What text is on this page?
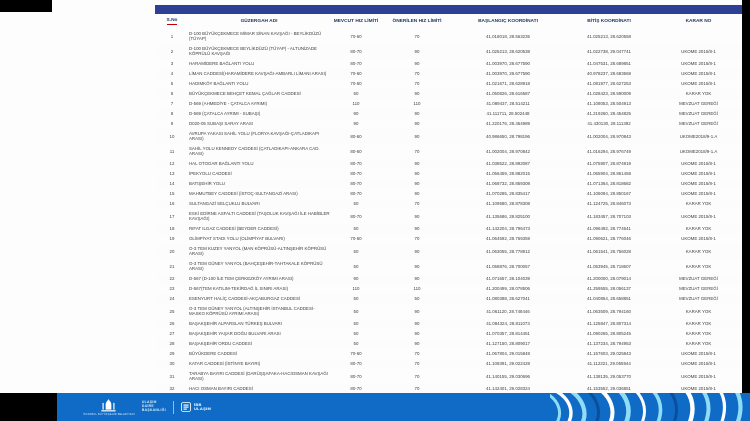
S.No	GÜZERGAH ADI	MEVCUT HIZ LİMİTİ	ÖNERİLEN HIZ LİMİTİ	BAŞLANGIÇ KOORDİNATI	BİTİŞ KOORDİNATI	KARAR NO
1	D-100 BÜYÜKÇEKMECE MİMAR SİNAN KAVŞAĞI - BEYLİKDÜZÜ (TÜYAP)	70-60	70	41.018018, 28.563235	41.025213, 28.620558	
2	D-100 BÜYÜKÇEKMECE BEYLİKDÜZÜ (TÜYAP) - ALTUNİZADE KÖPRÜLÜ KAVŞAĞI	80-70	90	41.025213, 28.620538	41.022738, 29.047741	UKOME 2015/8-1
3	HARAMİDERE BAĞLANTI YOLU	80-70	90	41.003970, 28.677590	41.047531, 28.689851	UKOME 2015/8-1
4	LİMAN CADDESİ(HARAMİDERE KAVŞAĞI-AMBARLI LİMANI ARASI)	70-60	70	41.003970, 28.677590	40.978237, 28.683568	UKOME 2015/8-1
5	HADIMKÖY BAĞLANTI YOLU	70-60	70	41.021671, 28.628918	41.081977, 28.627253	UKOME 2015/8-1
6	BÜYÜKÇEKMECE BEHÇET KEMAL ÇAĞLAR CADDESİ	50	90	41.050826, 28.616587	41.028423, 28.590009	KARAR YOK
7	D-569 (AHMEDİYE - ÇATALCA AYRIMI)	110	110	41.089437, 28.514211	41.108053, 28.504913	MEVZUAT GEREĞİ
8	D-569 (ÇATALCA AYRIMI - SUBAŞI)	90	90	41.111711, 28.502448	41.219260, 28.454825	MEVZUAT GEREĞİ
9	D020-05 SUBAŞI SARAY ARASI	90	90	41.220176, 28.454989	41.430130, 28.111392	MEVZUAT GEREĞİ
10	AVRUPA YAKASI SAHİL YOLU (FLORYA KAVŞAĞI-ÇATLADIKAPI ARASI)	80-60	90	40.986650, 28.798196	41.002004, 28.970843	UKOME2018/9-1.A
11	SAHİL YOLU KENNEDY CADDESİ (ÇATLADIKAPI-ANKARA CAD. ARASI)	80-60	70	41.002004, 28.970842	41.016294, 28.976749	UKOME2018/9-1.A
12	HAL OTOGAR BAĞLANTI YOLU	80-70	90	41.038522, 28.892087	41.075907, 28.874919	UKOME 2015/8-1
13	İPEKYOLU CADDESİ	80-70	90	41.056459, 28.882015	41.065904, 28.861458	UKOME 2015/8-1
14	BATIŞEHİR YOLU	80-70	90	41.068732, 28.859308	41.071364, 28.818682	UKOME 2015/8-1
15	MAHMUTBEY CADDESİ (İSTOÇ-SULTANGAZİ ARASI)	80-70	90	41.070285, 28.835417	41.106094, 28.850167	UKOME 2015/8-1
16	SULTANGAZİ SELÇUKLU BULVARI	50	70	41.109580, 28.878308	41.124725, 28.846073	KARAR YOK
17	ESKİ EDİRNE ASFALTI CADDESİ (TAŞOLUK KAVŞAĞI İLE HABİBLER KAVŞAĞI)	80-70	90	41.135686, 28.825100	41.183457, 28.707103	UKOME 2015/8-1
18	RIFAT ILGAZ CADDESİ (BEYDER CADDESİ)	50	90	41.142204, 28.796473	41.096492, 28.774641	KARAR YOK
19	OLİMPİYAT STADI YOLU (OLİMPİYAT BULVARI)	70-60	70	41.064592, 28.769359	41.090621, 28.776046	UKOME 2015/8-1
20	O-3 TEM KUZEY YANYOL (MAN KÖPRÜSÜ-ALTINŞEHİR KÖPRÜSÜ ARASI)	50	90	41.063055, 28.778912	41.061541, 28.756028	KARAR YOK
21	O-3 TEM GÜNEY YANYOL (BAHÇEŞEHİR-TAHTAKALE KÖPRÜSÜ ARASI)	50	90	41.058876, 28.700057	41.053945, 28.718607	KARAR YOK
22	D-567 (D-100 İLE TEM ÇERKEZKÖY AYRIMI ARASI)	90	90	41.071657, 28.104039	41.200000, 28.079014	MEVZUAT GEREĞİ
23	D-567(TEM KATILIM-TEKİRDAĞ İL SINIRI ARASI)	110	110	41.200499, 28.078506	41.259555, 28.056137	MEVZUAT GEREĞİ
24	ESENYURT HALİÇ CADDESİ-AKÇABURGAZ CADDESİ	50	50	41.080388, 28.627041	41.040854, 28.658851	MEVZUAT GEREĞİ
25	O-3 TEM GÜNEY YANYOL (ALTINŞEHİR İSTANBUL CADDESİ-MASKO KÖPRÜSÜ AYRIMI ARASI)	50	90	41.061120, 28.748446	41.063509, 28.794160	KARAR YOK
26	BAŞAKŞEHİR ALPARSLAN TÜRKEŞ BULVARI	50	90	41.084324, 28.811073	41.125847, 28.807314	KARAR YOK
27	BAŞAKŞEHİR YAŞAR DOĞU BULVARI ARASI	50	90	41.070357, 28.814451	41.090265, 28.805245	KARAR YOK
28	BAŞAKŞEHİR ORDU CADDESİ	50	90	41.127150, 28.809017	41.137234, 28.794953	KARAR YOK
29	BÜYÜKDERE CADDESİ	70-60	70	41.067804, 29.015848	41.157603, 29.025843	UKOME 2015/8-1
30	KATAR CADDESİ (İSTİNYE BAYIRI)	80-70	70	41.108391, 29.022428	41.112321, 29.055944	UKOME 2015/8-1
31	TARABYA BAYIRI CADDESİ (DARÜŞŞAFAKA-HACIOSMAN KAVŞAĞI ARASI)	80-70	70	41.140155, 29.030696	41.138135, 29.053770	UKOME 2015/8-1
32	HACI OSMAN BAYIRI CADDESİ	80-70	70	41.142401, 29.028324	41.153552, 29.036851	UKOME 2015/8-1
İSTANBUL BÜYÜKŞEHİR BELEDİYESİ
ULAŞIM
DAİRE
BAŞKANLIĞI
İBB
ULAŞIM
